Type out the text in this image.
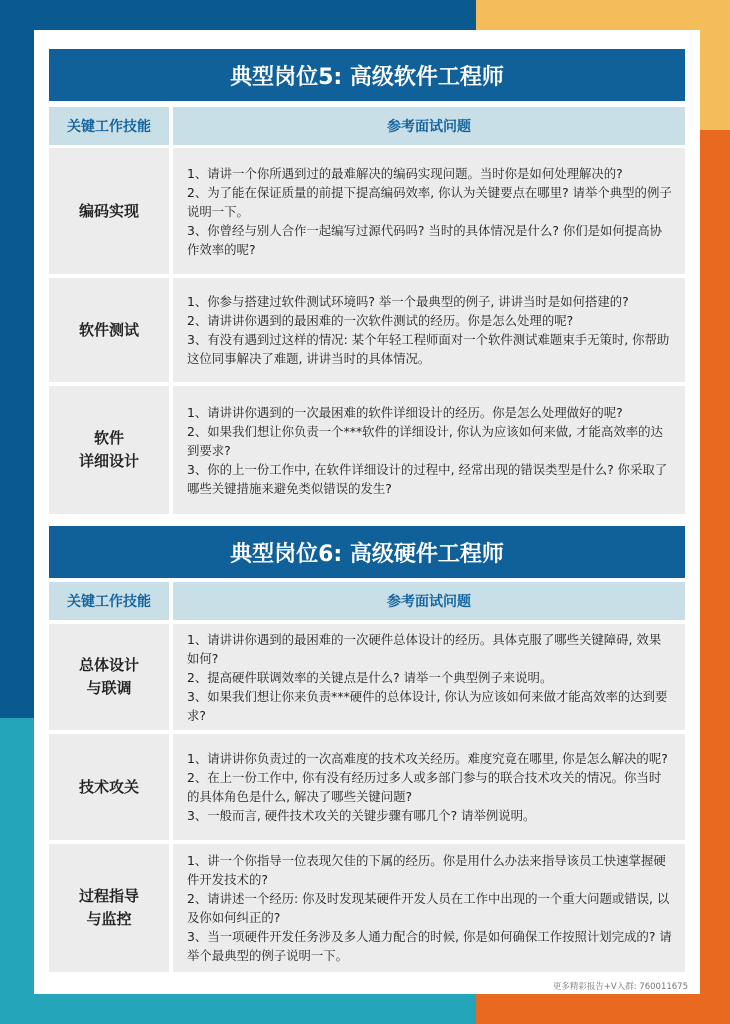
典型岗位5: 高级软件工程师
关键工作技能	参考面试问题
编码实现
1、请讲一个你所遇到过的最难解决的编码实现问题。当时你是如何处理解决的?
2、为了能在保证质量的前提下提高编码效率, 你认为关键要点在哪里? 请举个典型的例子说明一下。
3、你曾经与别人合作一起编写过源代码吗? 当时的具体情况是什么? 你们是如何提高协作效率的呢?
软件测试
1、你参与搭建过软件测试环境吗? 举一个最典型的例子, 讲讲当时是如何搭建的?
2、请讲讲你遇到的最困难的一次软件测试的经历。你是怎么处理的呢?
3、有没有遇到过这样的情况: 某个年轻工程师面对一个软件测试难题束手无策时, 你帮助这位同事解决了难题, 讲讲当时的具体情况。
软件
详细设计
1、请讲讲你遇到的一次最困难的软件详细设计的经历。你是怎么处理做好的呢?
2、如果我们想让你负责一个***软件的详细设计, 你认为应该如何来做, 才能高效率的达到要求?
3、你的上一份工作中, 在软件详细设计的过程中, 经常出现的错误类型是什么? 你采取了哪些关键措施来避免类似错误的发生?
典型岗位6: 高级硬件工程师
关键工作技能	参考面试问题
总体设计
与联调
1、请讲讲你遇到的最困难的一次硬件总体设计的经历。具体克服了哪些关键障碍, 效果如何?
2、提高硬件联调效率的关键点是什么? 请举一个典型例子来说明。
3、如果我们想让你来负责***硬件的总体设计, 你认为应该如何来做才能高效率的达到要求?
技术攻关
1、请讲讲你负责过的一次高难度的技术攻关经历。难度究竟在哪里, 你是怎么解决的呢?
2、在上一份工作中, 你有没有经历过多人或多部门参与的联合技术攻关的情况。你当时的具体角色是什么, 解决了哪些关键问题?
3、一般而言, 硬件技术攻关的关键步骤有哪几个? 请举例说明。
过程指导
与监控
1、讲一个你指导一位表现欠佳的下属的经历。你是用什么办法来指导该员工快速掌握硬件开发技术的?
2、请讲述一个经历: 你及时发现某硬件开发人员在工作中出现的一个重大问题或错误, 以及你如何纠正的?
3、当一项硬件开发任务涉及多人通力配合的时候, 你是如何确保工作按照计划完成的? 请举个最典型的例子说明一下。
更多精彩报告+V入群: 760011675
